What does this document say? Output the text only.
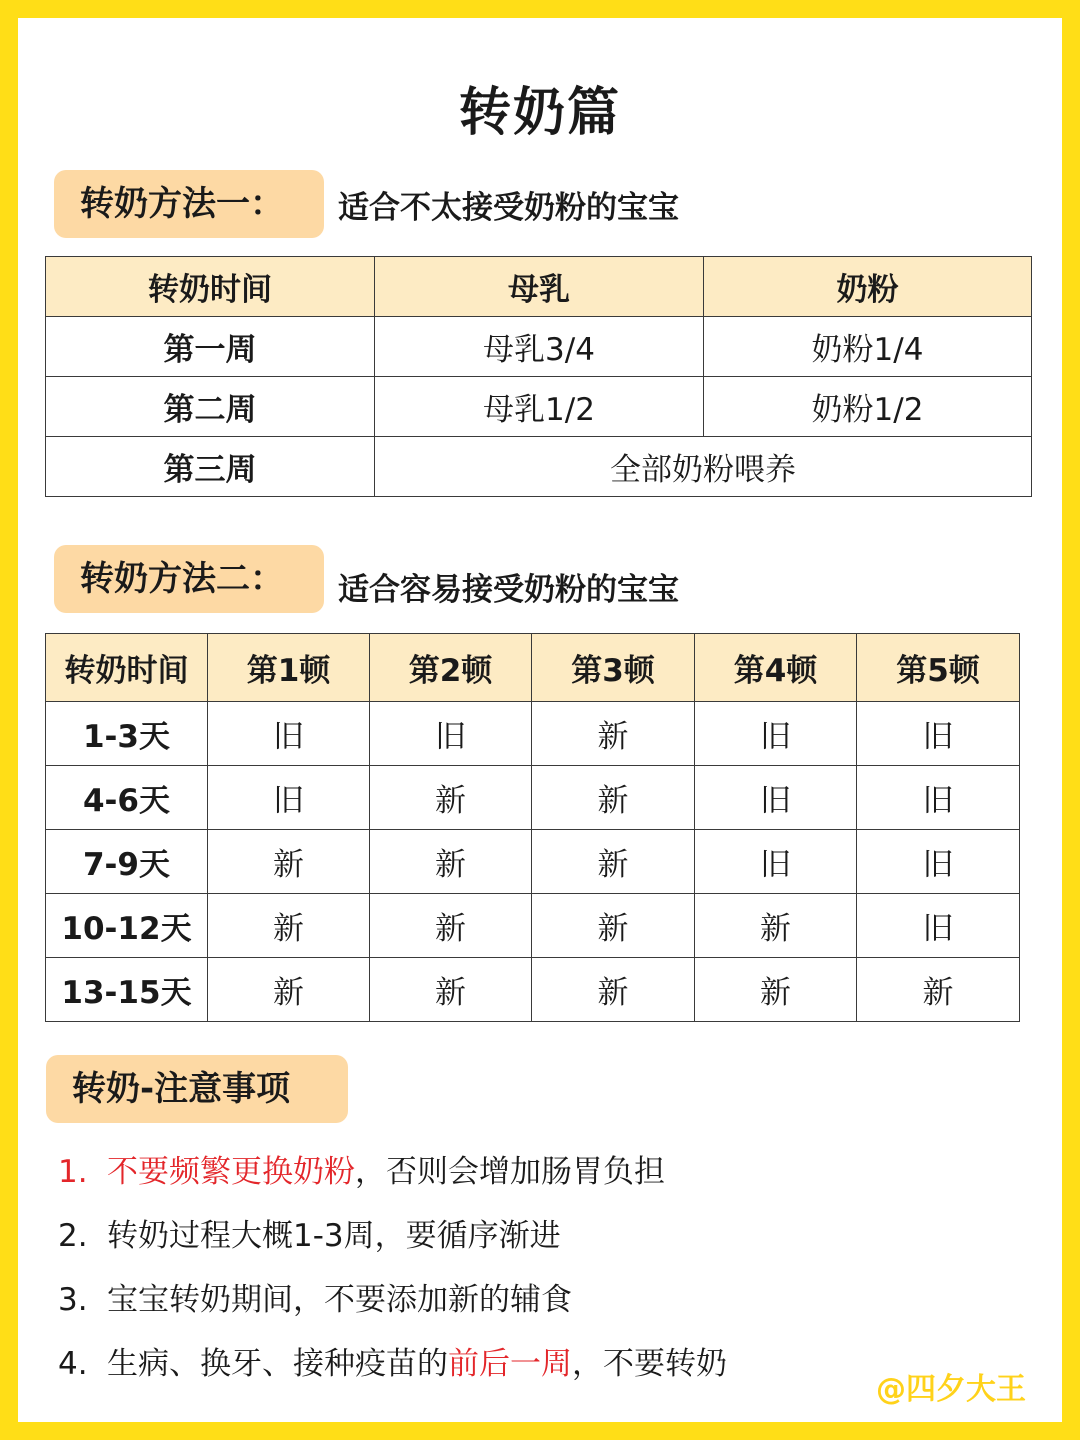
转奶篇
转奶方法一：	适合不太接受奶粉的宝宝
转奶时间	母乳	奶粉
第一周	母乳3/4	奶粉1/4
第二周	母乳1/2	奶粉1/2
第三周	全部奶粉喂养	
转奶方法二：	适合容易接受奶粉的宝宝
转奶时间	第1顿	第2顿	第3顿	第4顿	第5顿
1-3天	旧	旧	新	旧	旧
4-6天	旧	新	新	旧	旧
7-9天	新	新	新	旧	旧
10-12天	新	新	新	新	旧
13-15天	新	新	新	新	新
转奶-注意事项
1. 不要频繁更换奶粉，否则会增加肠胃负担
2. 转奶过程大概1-3周，要循序渐进
3. 宝宝转奶期间，不要添加新的辅食
4. 生病、换牙、接种疫苗的前后一周，不要转奶
@四夕大王
